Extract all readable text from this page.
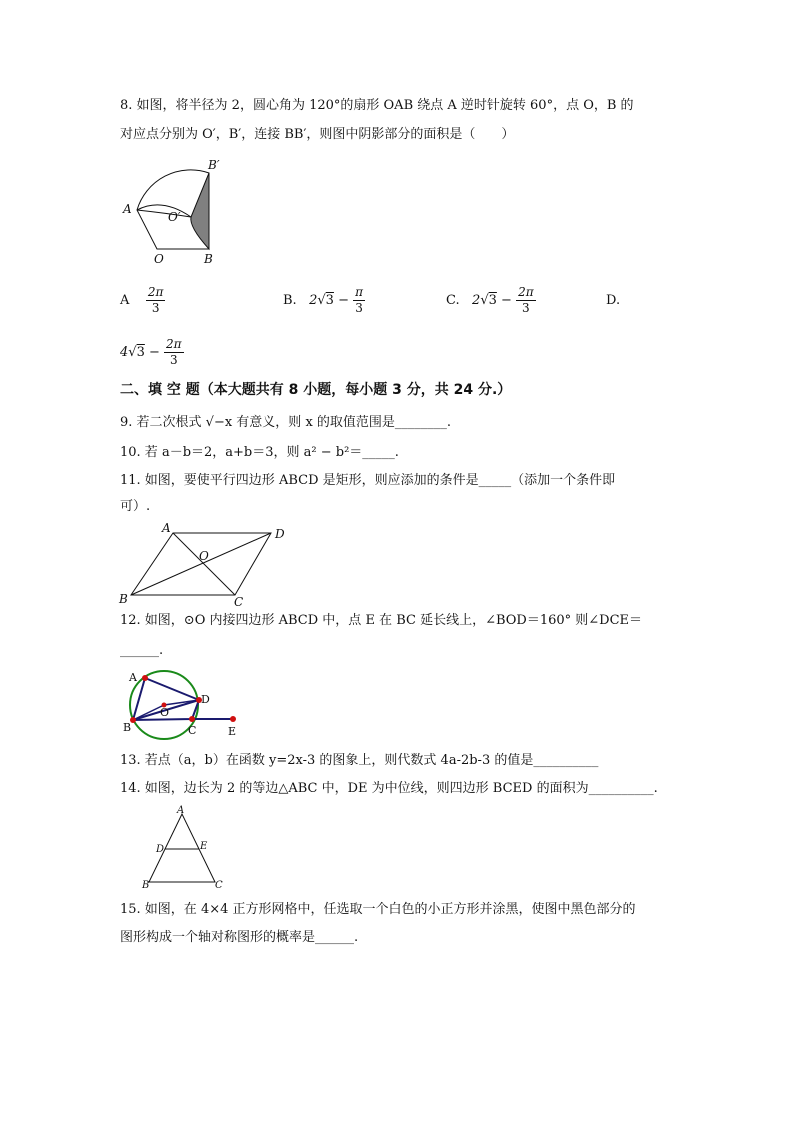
8. 如图，将半径为 2，圆心角为 120°的扇形 OAB 绕点 A 逆时针旋转 60°，点 O，B 的
对应点分别为 O′，B′，连接 BB′，则图中阴影部分的面积是（　　）
B′
A
O′
O	B
A $\frac{2\pi}{3}$	B. $2√3 - \frac{\pi}{3}$	C. $2√3 - \frac{2\pi}{3}$	D.
$4√3 - \frac{2\pi}{3}$
二、填 空 题（本大题共有 8 小题，每小题 3 分，共 24 分.）
9. 若二次根式 √−x 有意义，则 x 的取值范围是________.
10. 若 a－b＝2，a+b＝3，则 a² − b²＝_____.
11. 如图，要使平行四边形 ABCD 是矩形，则应添加的条件是_____（添加一个条件即
可）.
A	D
O
B	C
12. 如图，⊙O 内接四边形 ABCD 中，点 E 在 BC 延长线上，∠BOD＝160° 则∠DCE＝
______.
A
D
O
B	C	E
13. 若点（a，b）在函数 y=2x-3 的图象上，则代数式 4a-2b-3 的值是__________
14. 如图，边长为 2 的等边△ABC 中，DE 为中位线，则四边形 BCED 的面积为__________.
A
D	E
B	C
15. 如图，在 4×4 正方形网格中，任选取一个白色的小正方形并涂黑，使图中黑色部分的
图形构成一个轴对称图形的概率是______.
